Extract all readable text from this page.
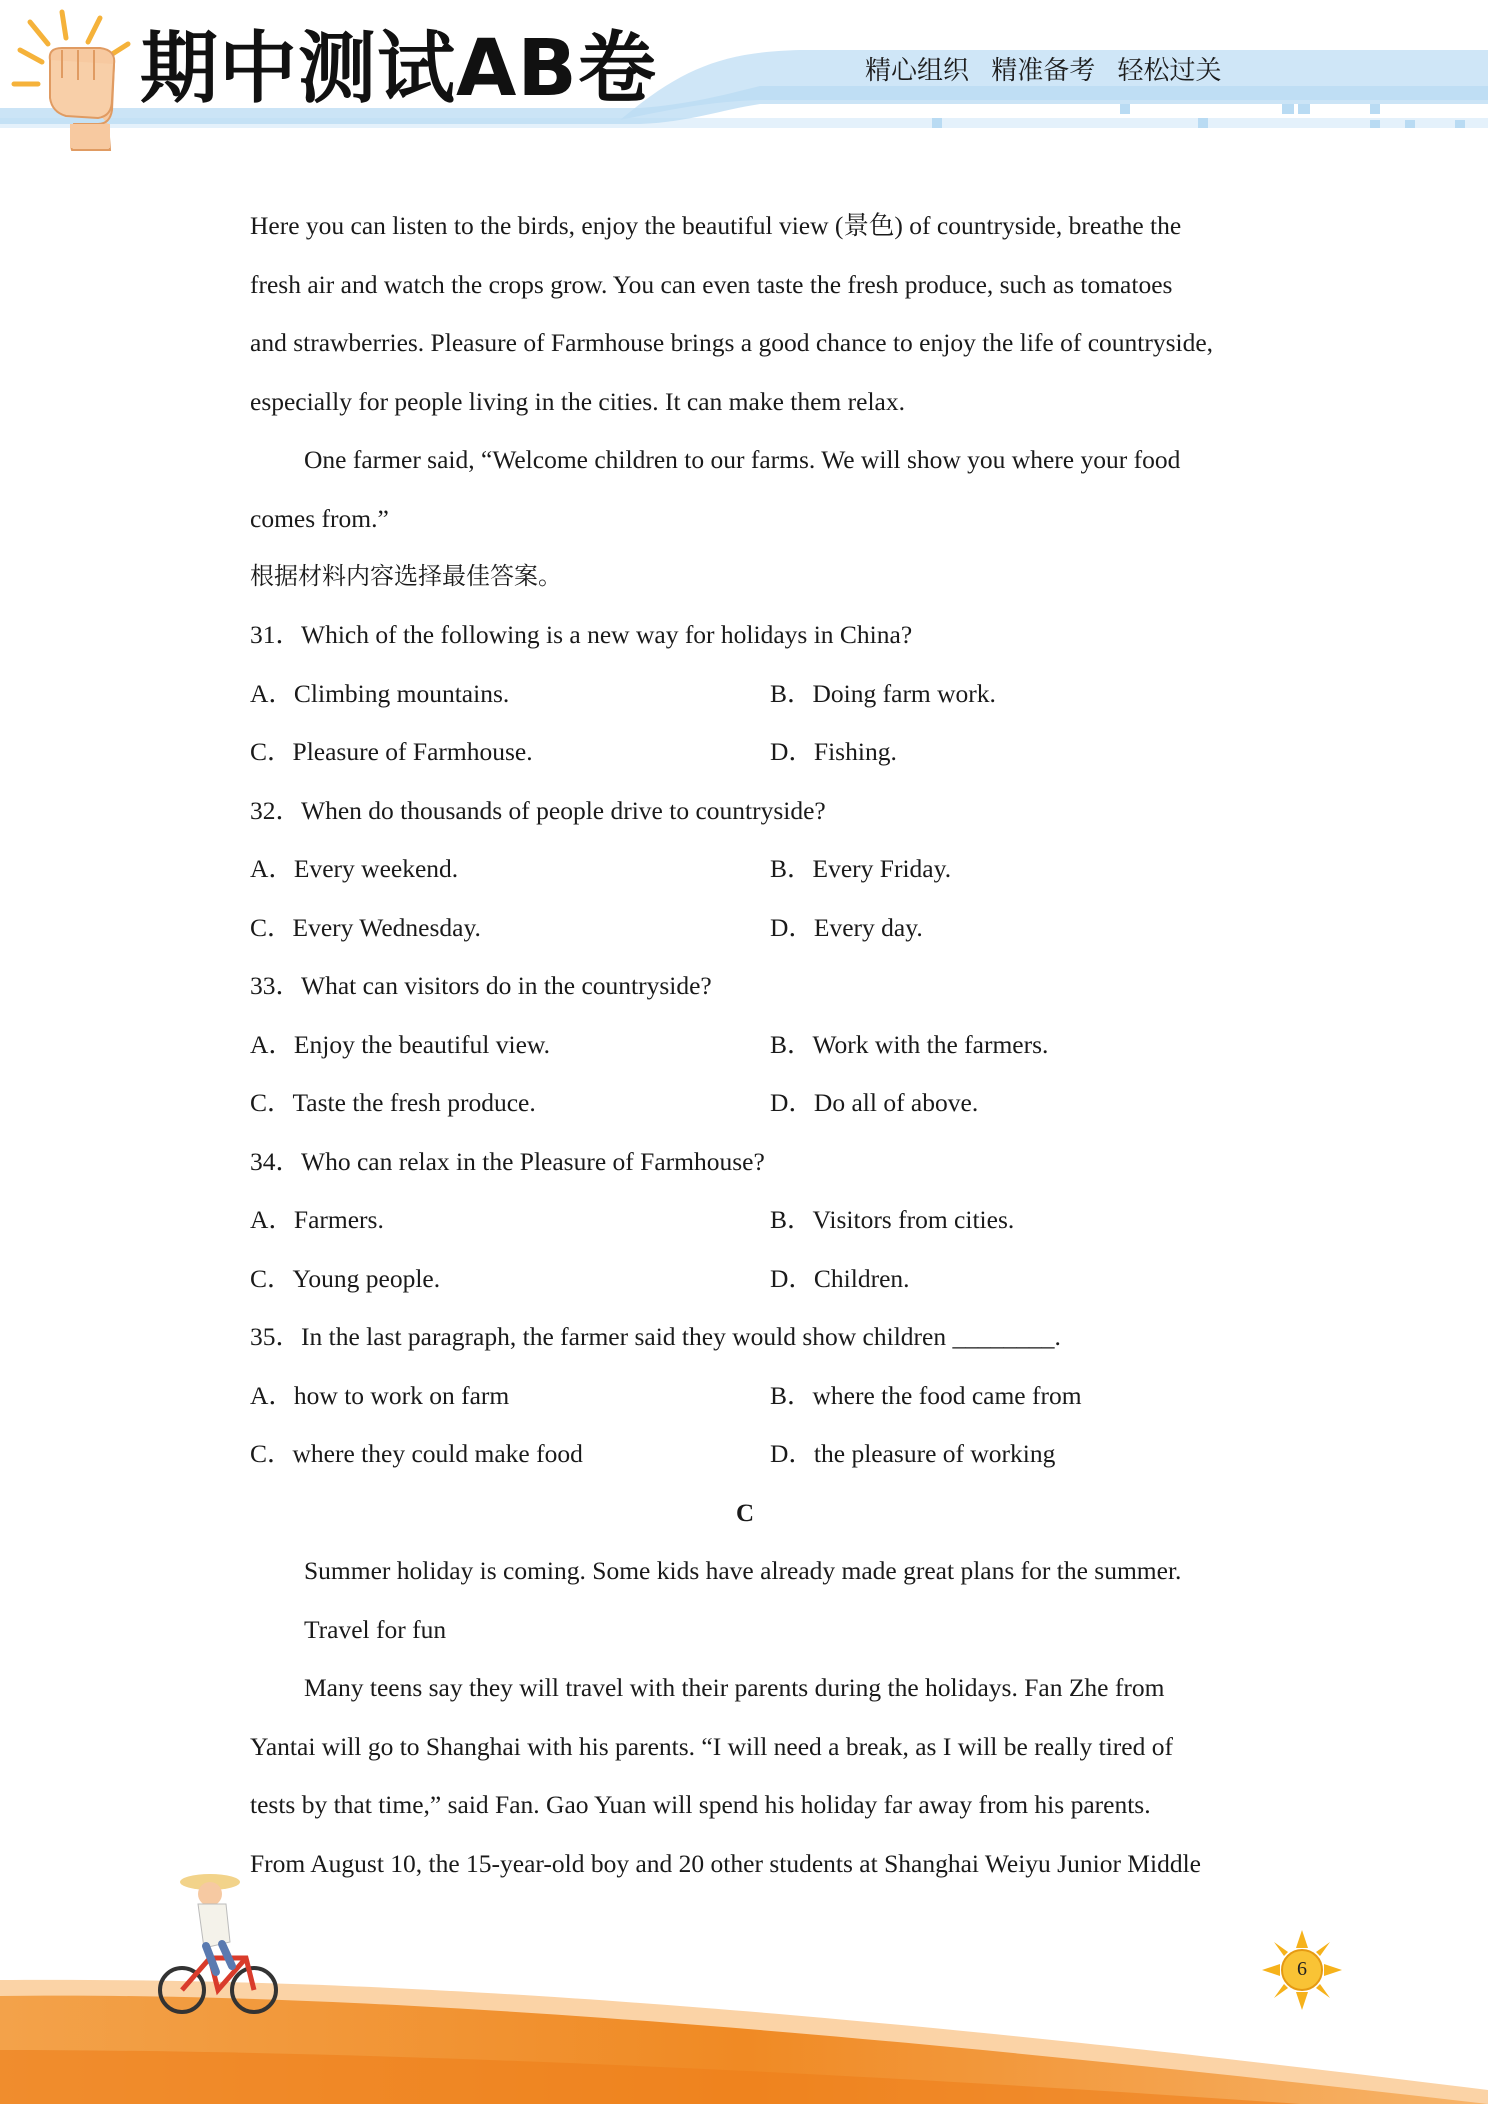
期中测试AB卷	精心组织 精准备考 轻松过关
Here you can listen to the birds, enjoy the beautiful view (景色) of countryside, breathe the
fresh air and watch the crops grow. You can even taste the fresh produce, such as tomatoes
and strawberries. Pleasure of Farmhouse brings a good chance to enjoy the life of countryside,
especially for people living in the cities. It can make them relax.
One farmer said, “Welcome children to our farms. We will show you where your food
comes from.”
根据材料内容选择最佳答案。
31．Which of the following is a new way for holidays in China?
A．Climbing mountains.	B．Doing farm work.
C．Pleasure of Farmhouse.	D．Fishing.
32．When do thousands of people drive to countryside?
A．Every weekend.	B．Every Friday.
C．Every Wednesday.	D．Every day.
33．What can visitors do in the countryside?
A．Enjoy the beautiful view.	B．Work with the farmers.
C．Taste the fresh produce.	D．Do all of above.
34．Who can relax in the Pleasure of Farmhouse?
A．Farmers.	B．Visitors from cities.
C．Young people.	D．Children.
35．In the last paragraph, the farmer said they would show children ________.
A．how to work on farm	B．where the food came from
C．where they could make food	D．the pleasure of working
C
Summer holiday is coming. Some kids have already made great plans for the summer.
Travel for fun
Many teens say they will travel with their parents during the holidays. Fan Zhe from
Yantai will go to Shanghai with his parents. “I will need a break, as I will be really tired of
tests by that time,” said Fan. Gao Yuan will spend his holiday far away from his parents.
From August 10, the 15-year-old boy and 20 other students at Shanghai Weiyu Junior Middle
6
